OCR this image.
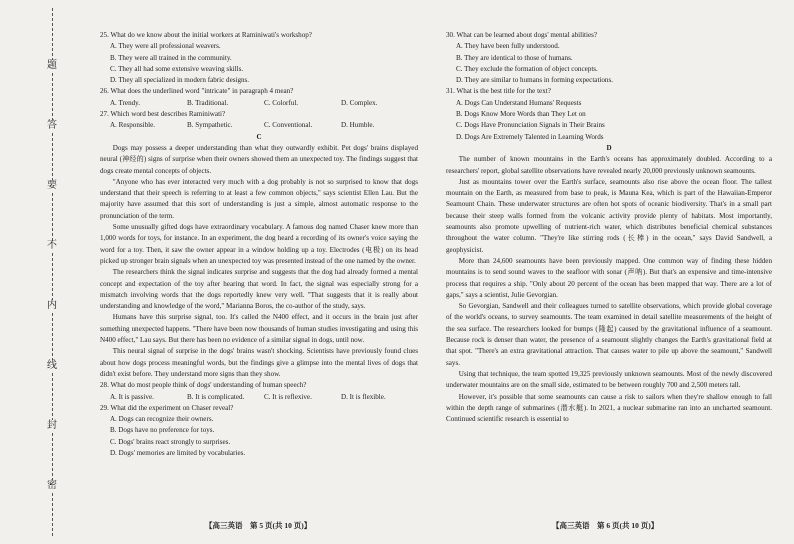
题
答
要
不
内
线
封
密

25. What do we know about the initial workers at Raminiwati's workshop?

A. They were all professional weavers.

B. They were all trained in the community.

C. They all had some extensive weaving skills.

D. They all specialized in modern fabric designs.

26. What does the underlined word "intricate" in paragraph 4 mean?

A. Trendy.	B. Traditional.	C. Colorful.	D. Complex.

27. Which word best describes Raminiwati?

A. Responsible.	B. Sympathetic.	C. Conventional.	D. Humble.

C

Dogs may possess a deeper understanding than what they outwardly exhibit. Pet dogs' brains displayed neural (神经的) signs of surprise when their owners showed them an unexpected toy. The findings suggest that dogs create mental concepts of objects.

"Anyone who has ever interacted very much with a dog probably is not so surprised to know that dogs understand that their speech is referring to at least a few common objects," says scientist Ellen Lau. But the majority have assumed that this sort of understanding is just a simple, almost automatic response to the pronunciation of the term.

Some unusually gifted dogs have extraordinary vocabulary. A famous dog named Chaser knew more than 1,000 words for toys, for instance. In an experiment, the dog heard a recording of its owner's voice saying the word for a toy. Then, it saw the owner appear in a window holding up a toy. Electrodes (电极) on its head picked up stronger brain signals when an unexpected toy was presented instead of the one named by the owner.

The researchers think the signal indicates surprise and suggests that the dog had already formed a mental concept and expectation of the toy after hearing that word. In fact, the signal was especially strong for a mismatch involving words that the dogs reportedly knew very well. "That suggests that it is really about understanding and knowledge of the word," Marianna Boros, the co-author of the study, says.

Humans have this surprise signal, too. It's called the N400 effect, and it occurs in the brain just after something unexpected happens. "There have been now thousands of human studies investigating and using this N400 effect," Lau says. But there has been no evidence of a similar signal in dogs, until now.

This neural signal of surprise in the dogs' brains wasn't shocking. Scientists have previously found clues about how dogs process meaningful words, but the findings give a glimpse into the mental lives of dogs that didn't exist before. They understand more signs than they show.

28. What do most people think of dogs' understanding of human speech?

A. It is passive.	B. It is complicated.	C. It is reflexive.	D. It is flexible.

29. What did the experiment on Chaser reveal?

A. Dogs can recognize their owners.

B. Dogs have no preference for toys.

C. Dogs' brains react strongly to surprises.

D. Dogs' memories are limited by vocabularies.

30. What can be learned about dogs' mental abilities?

A. They have been fully understood.

B. They are identical to those of humans.

C. They exclude the formation of object concepts.

D. They are similar to humans in forming expectations.

31. What is the best title for the text?

A. Dogs Can Understand Humans' Requests

B. Dogs Know More Words than They Let on

C. Dogs Have Pronunciation Signals in Their Brains

D. Dogs Are Extremely Talented in Learning Words

D

The number of known mountains in the Earth's oceans has approximately doubled. According to a researchers' report, global satellite observations have revealed nearly 20,000 previously unknown seamounts.

Just as mountains tower over the Earth's surface, seamounts also rise above the ocean floor. The tallest mountain on the Earth, as measured from base to peak, is Mauna Kea, which is part of the Hawaiian-Emperor Seamount Chain. These underwater structures are often hot spots of oceanic biodiversity. That's in a small part because their steep walls formed from the volcanic activity provide plenty of habitats. Most importantly, seamounts also promote upwelling of nutrient-rich water, which distributes beneficial chemical substances throughout the water column. "They're like stirring rods (长棒) in the ocean," says David Sandwell, a geophysicist.

More than 24,600 seamounts have been previously mapped. One common way of finding these hidden mountains is to send sound waves to the seafloor with sonar (声呐). But that's an expensive and time-intensive process that requires a ship. "Only about 20 percent of the ocean has been mapped that way. There are a lot of gaps," says a scientist, Julie Gevorgian.

So Gevorgian, Sandwell and their colleagues turned to satellite observations, which provide global coverage of the world's oceans, to survey seamounts. The team examined in detail satellite measurements of the height of the sea surface. The researchers looked for bumps (隆起) caused by the gravitational influence of a seamount. Because rock is denser than water, the presence of a seamount slightly changes the Earth's gravitational field at that spot. "There's an extra gravitational attraction. That causes water to pile up above the seamount," Sandwell says.

Using that technique, the team spotted 19,325 previously unknown seamounts. Most of the newly discovered underwater mountains are on the small side, estimated to be between roughly 700 and 2,500 meters tall.

However, it's possible that some seamounts can cause a risk to sailors when they're shallow enough to fall within the depth range of submarines (潜水艇). In 2021, a nuclear submarine ran into an uncharted seamount. Continued scientific research is essential to

【高三英语　第 5 页(共 10 页)】	【高三英语　第 6 页(共 10 页)】
